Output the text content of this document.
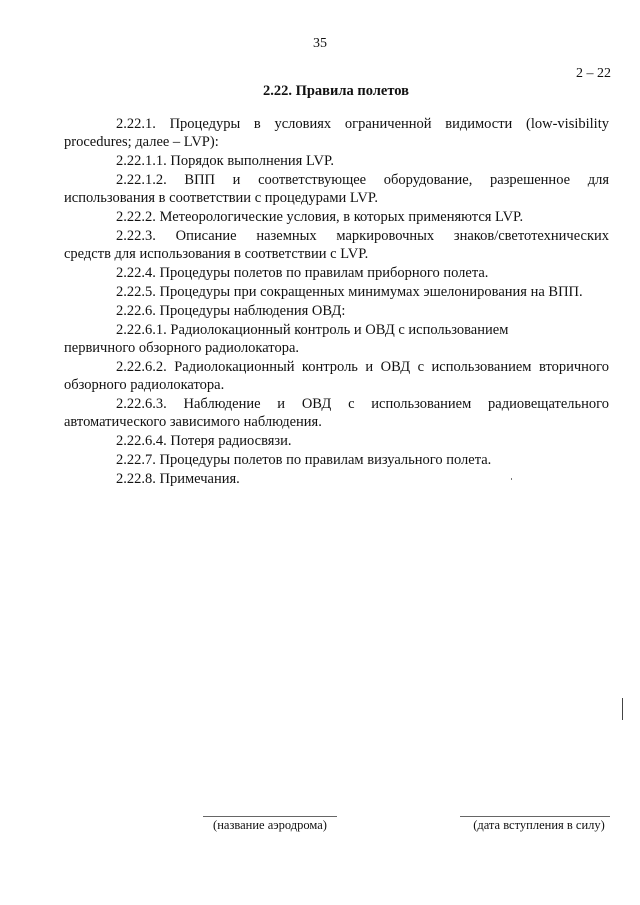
35
2 – 22
2.22. Правила полетов
2.22.1. Процедуры в условиях ограниченной видимости (low-visibility
procedures; далее – LVP):
2.22.1.1. Порядок выполнения LVP.
2.22.1.2. ВПП и соответствующее оборудование, разрешенное для
использования в соответствии с процедурами LVP.
2.22.2. Метеорологические условия, в которых применяются LVP.
2.22.3. Описание наземных маркировочных знаков/светотехнических
средств для использования в соответствии с LVP.
2.22.4. Процедуры полетов по правилам приборного полета.
2.22.5. Процедуры при сокращенных минимумах эшелонирования на ВПП.
2.22.6. Процедуры наблюдения ОВД:
2.22.6.1. Радиолокационный контроль и ОВД с использованием
первичного обзорного радиолокатора.
2.22.6.2. Радиолокационный контроль и ОВД с использованием вторичного
обзорного радиолокатора.
2.22.6.3. Наблюдение и ОВД с использованием радиовещательного
автоматического зависимого наблюдения.
2.22.6.4. Потеря радиосвязи.
2.22.7. Процедуры полетов по правилам визуального полета.
2.22.8. Примечания.
(название аэродрома)	(дата вступления в силу)
